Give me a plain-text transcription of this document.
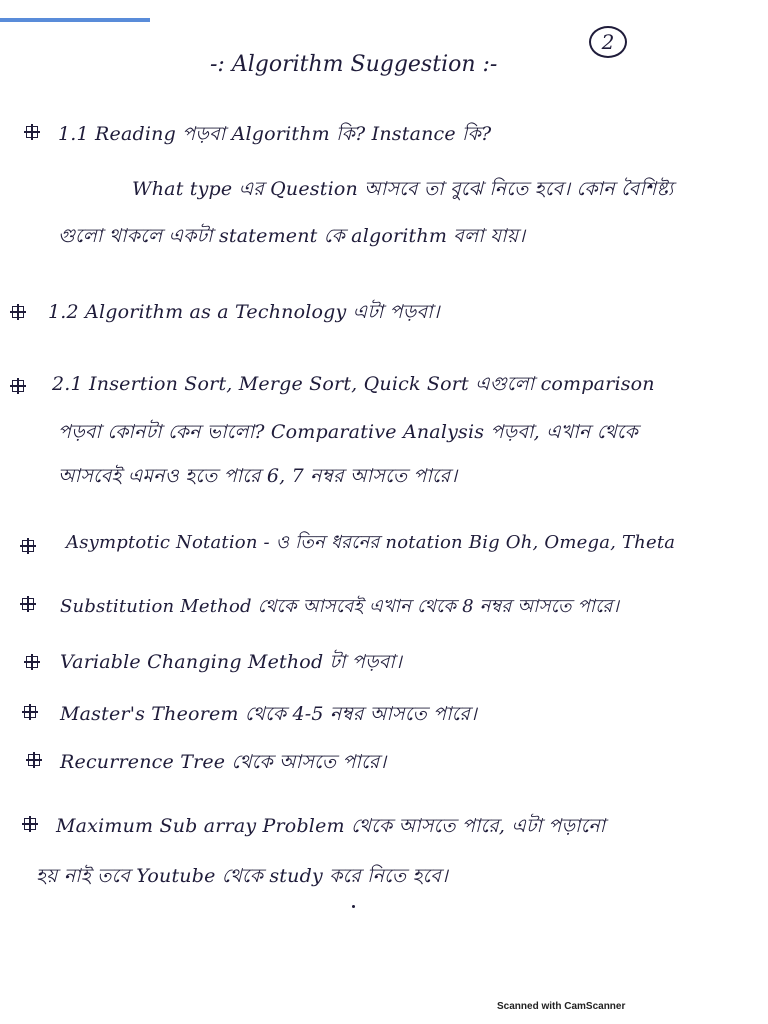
2
-: Algorithm Suggestion :-
1.1 Reading পড়বা Algorithm কি? Instance কি?
What type এর Question আসবে তা বুঝে নিতে হবে। কোন বৈশিষ্ট্য
গুলো থাকলে একটা statement কে algorithm বলা যায়।
1.2 Algorithm as a Technology এটা পড়বা।
2.1 Insertion Sort, Merge Sort, Quick Sort এগুলো comparison
পড়বা কোনটা কেন ভালো? Comparative Analysis পড়বা, এখান থেকে
আসবেই এমনও হতে পারে 6, 7 নম্বর আসতে পারে।
Asymptotic Notation - ও তিন ধরনের notation Big Oh, Omega, Theta
Substitution Method থেকে আসবেই এখান থেকে 8 নম্বর আসতে পারে।
Variable Changing Method টা পড়বা।
Master's Theorem থেকে 4-5 নম্বর আসতে পারে।
Recurrence Tree থেকে আসতে পারে।
Maximum Sub array Problem থেকে আসতে পারে, এটা পড়ানো
হয় নাই তবে Youtube থেকে study করে নিতে হবে।
Scanned with CamScanner
